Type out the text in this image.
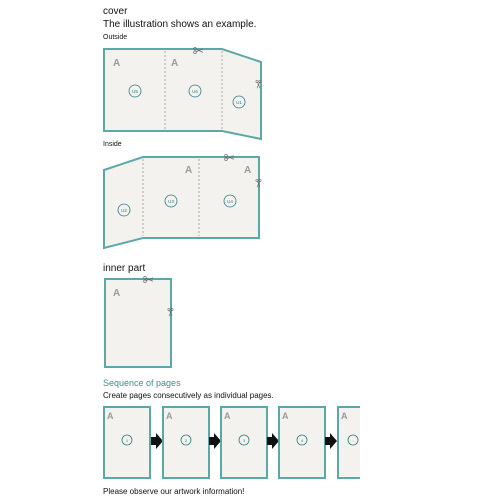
cover
The illustration shows an example.
Outside
Inside
inner part
Sequence of pages
Create pages consecutively as individual pages.
Please observe our artwork information!
A	A
U5	U6
U1
A	A
U2
U3	U4
A
A
1
A
2
A
3
A
4
A
...
